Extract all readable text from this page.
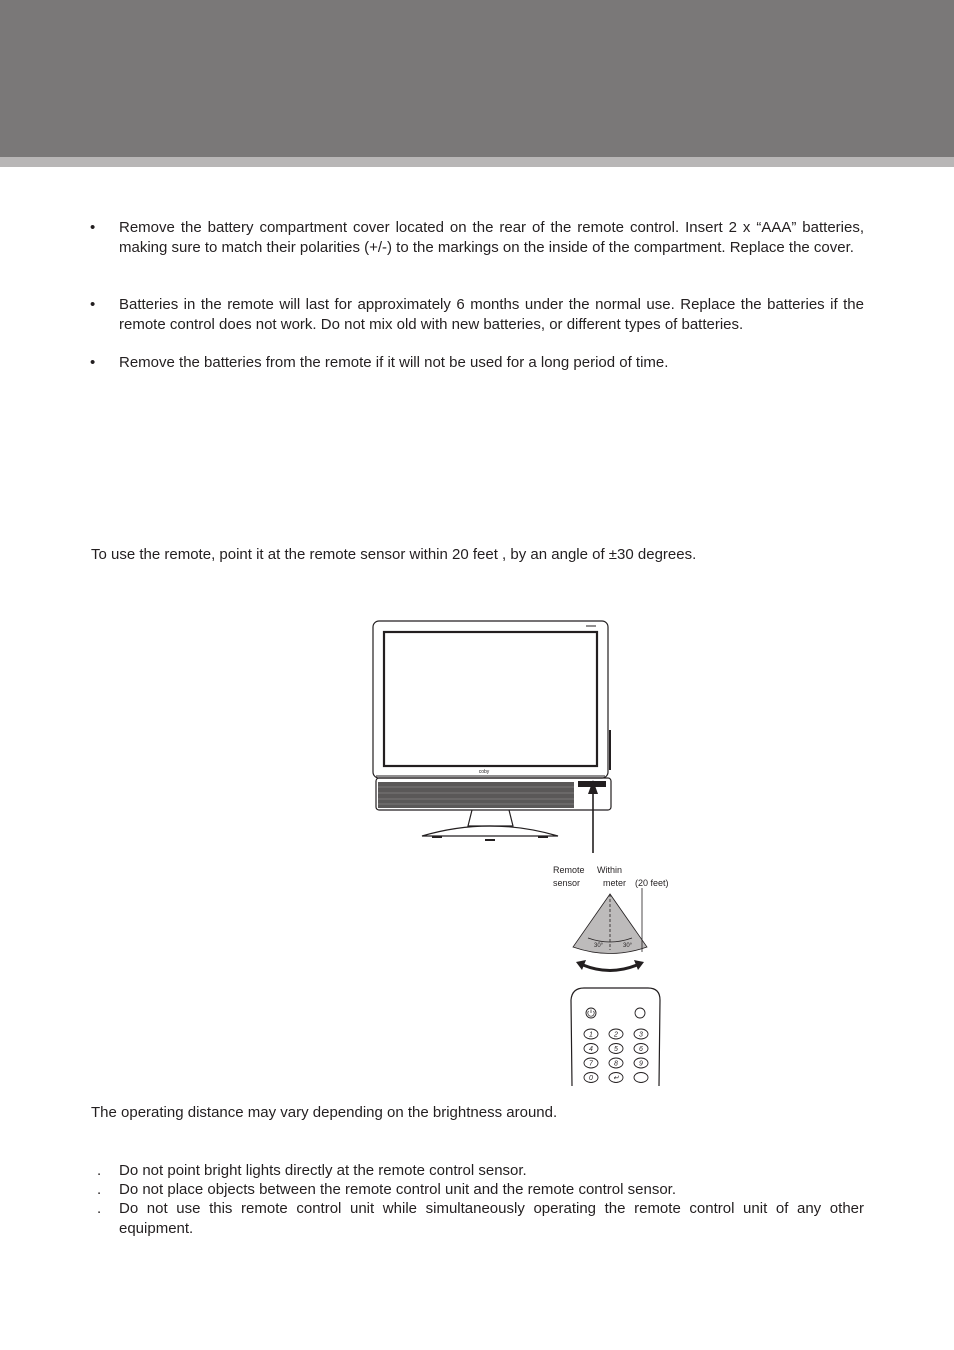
•	Remove the battery compartment cover located on the rear of the remote control. Insert 2 x “AAA” batteries, making sure to match their polarities (+/-) to the markings on the inside of the compartment. Replace the cover.
•	Batteries in the remote will last for approximately 6 months under the normal use. Replace the batteries if the remote control does not work. Do not mix old with new batteries, or different types of batteries.
•	Remove the batteries from the remote if it will not be used for a long period of time.
To use the remote, point it at the remote sensor within 20 feet , by an angle of ±30 degrees.
coby
30°	30°
1	2	3
4	5	6
7	8	9
0	↵
Remote
sensor
Within
meter (20 feet)
The operating distance may vary depending on the brightness around.
. Do not point bright lights directly at the remote control sensor.
. Do not place objects between the remote control unit and the remote control sensor.
. Do not use this remote control unit while simultaneously operating the remote control unit of any other equipment.
